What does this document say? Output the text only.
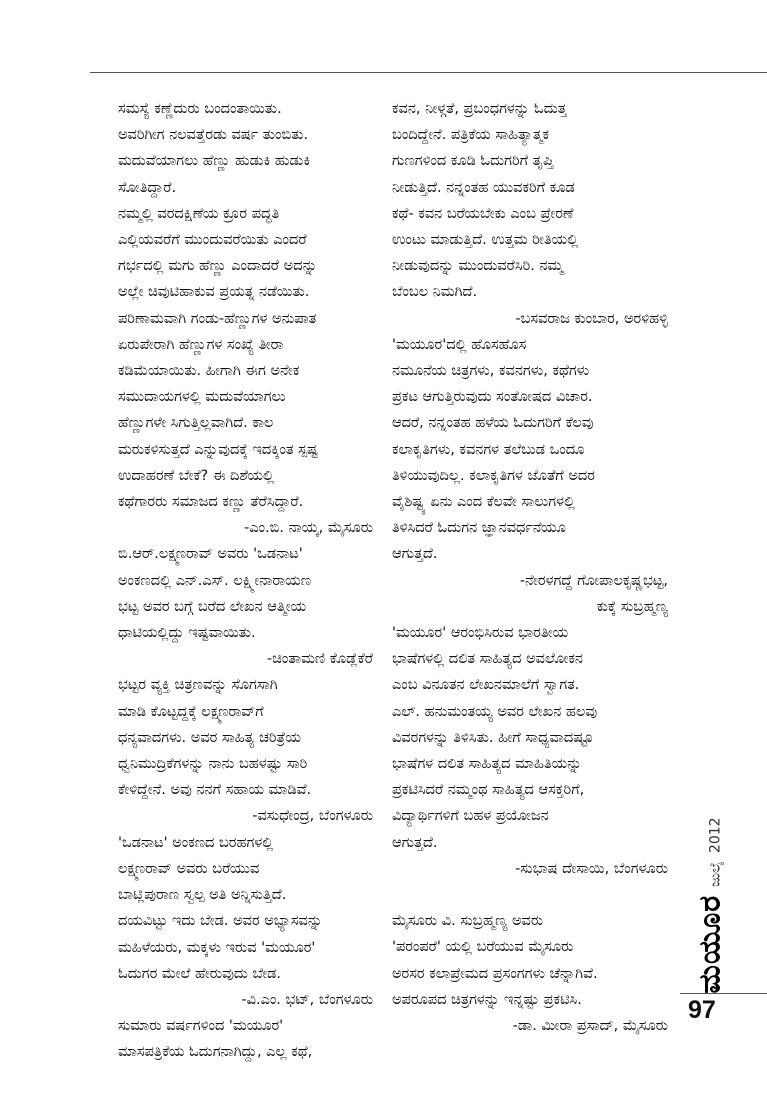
ಸಮಸ್ಯೆ ಕಣ್ಣೆದುರು ಬಂದಂತಾಯಿತು.

ಅವರಿಗೀಗ ನಲವತ್ತೆರಡು ವರ್ಷ ತುಂಬಿತು.

ಮದುವೆಯಾಗಲು ಹೆಣ್ಣು ಹುಡುಕಿ ಹುಡುಕಿ

ಸೋತಿದ್ದಾರೆ.

ನಮ್ಮಲ್ಲಿ ವರದಕ್ಷಿಣೆಯ ಕ್ರೂರ ಪದ್ಧತಿ

ಎಲ್ಲಿಯವರೆಗೆ ಮುಂದುವರೆಯಿತು ಎಂದರೆ

ಗರ್ಭದಲ್ಲಿ ಮಗು ಹೆಣ್ಣು ಎಂದಾದರೆ ಅದನ್ನು

ಅಲ್ಲೇ ಚಿವುಟಿಹಾಕುವ ಪ್ರಯತ್ನ ನಡೆಯಿತು.

ಪರಿಣಾಮವಾಗಿ ಗಂಡು-ಹೆಣ್ಣುಗಳ ಅನುಪಾತ

ಏರುಪೇರಾಗಿ ಹೆಣ್ಣುಗಳ ಸಂಖ್ಯೆ ತೀರಾ

ಕಡಿಮೆಯಾಯಿತು. ಹೀಗಾಗಿ ಈಗ ಅನೇಕ

ಸಮುದಾಯಗಳಲ್ಲಿ ಮದುವೆಯಾಗಲು

ಹೆಣ್ಣುಗಳೇ ಸಿಗುತ್ತಿಲ್ಲವಾಗಿದೆ. ಕಾಲ

ಮರುಕಳಿಸುತ್ತದೆ ಎನ್ನುವುದಕ್ಕೆ ಇದಕ್ಕಿಂತ ಸ್ಪಷ್ಟ

ಉದಾಹರಣೆ ಬೇಕೆ? ಈ ದಿಶೆಯಲ್ಲಿ

ಕಥೆಗಾರರು ಸಮಾಜದ ಕಣ್ಣು ತೆರೆಸಿದ್ದಾರೆ.

-ಎಂ.ಬಿ. ನಾಯ್ಕ, ಮೈಸೂರು

ಬಿ.ಆರ್.ಲಕ್ಷ್ಮಣರಾವ್ ಅವರು 'ಒಡನಾಟ'

ಅಂಕಣದಲ್ಲಿ ಎನ್.ಎಸ್. ಲಕ್ಷ್ಮೀನಾರಾಯಣ

ಭಟ್ಟ ಅವರ ಬಗ್ಗೆ ಬರೆದ ಲೇಖನ ಆತ್ಮೀಯ

ಧಾಟಿಯಲ್ಲಿದ್ದು ಇಷ್ಟವಾಯಿತು.

-ಚಿಂತಾಮಣಿ ಕೊಡ್ಲೆಕೆರೆ

ಭಟ್ಟರ ವ್ಯಕ್ತಿ ಚಿತ್ರಣವನ್ನು ಸೊಗಸಾಗಿ

ಮಾಡಿ ಕೊಟ್ಟದ್ದಕ್ಕೆ ಲಕ್ಷ್ಮಣರಾವ್‌ಗೆ

ಧನ್ಯವಾದಗಳು. ಅವರ ಸಾಹಿತ್ಯ ಚರಿತ್ರೆಯ

ಧ್ವನಿಮುದ್ರಿಕೆಗಳನ್ನು ನಾನು ಬಹಳಷ್ಟು ಸಾರಿ

ಕೇಳಿದ್ದೇನೆ. ಅವು ನನಗೆ ಸಹಾಯ ಮಾಡಿವೆ.

-ವಸುಧೇಂದ್ರ, ಬೆಂಗಳೂರು

'ಒಡನಾಟ' ಅಂಕಣದ ಬರಹಗಳಲ್ಲಿ

ಲಕ್ಷ್ಮಣರಾವ್ ಅವರು ಬರೆಯುವ

ಬಾಟ್ಲಿಪುರಾಣ ಸ್ವಲ್ಪ ಅತಿ ಅನ್ನಿಸುತ್ತಿದೆ.

ದಯವಿಟ್ಟು ಇದು ಬೇಡ. ಅವರ ಅಭ್ಯಾಸವನ್ನು

ಮಹಿಳೆಯರು, ಮಕ್ಕಳು ಇರುವ 'ಮಯೂರ'

ಓದುಗರ ಮೇಲೆ ಹೇರುವುದು ಬೇಡ.

-ವಿ.ಎಂ. ಭಟ್, ಬೆಂಗಳೂರು

ಸುಮಾರು ವರ್ಷಗಳಿಂದ 'ಮಯೂರ'

ಮಾಸಪತ್ರಿಕೆಯ ಓದುಗನಾಗಿದ್ದು, ಎಲ್ಲ ಕಥೆ,

ಕವನ, ನೀಳ್ಗತೆ, ಪ್ರಬಂಧಗಳನ್ನು ಓದುತ್ತ

ಬಂದಿದ್ದೇನೆ. ಪತ್ರಿಕೆಯ ಸಾಹಿತ್ಯಾತ್ಮಕ

ಗುಣಗಳಿಂದ ಕೂಡಿ ಓದುಗರಿಗೆ ತೃಪ್ತಿ

ನೀಡುತ್ತಿದೆ. ನನ್ನಂತಹ ಯುವಕರಿಗೆ ಕೂಡ

ಕಥೆ- ಕವನ ಬರೆಯಬೇಕು ಎಂಬ ಪ್ರೇರಣೆ

ಉಂಟು ಮಾಡುತ್ತಿದೆ. ಉತ್ತಮ ರೀತಿಯಲ್ಲಿ

ನೀಡುವುದನ್ನು ಮುಂದುವರೆಸಿರಿ. ನಮ್ಮ

ಬೆಂಬಲ ನಿಮಗಿದೆ.

-ಬಸವರಾಜ ಕುಂಬಾರ, ಅರಳಿಹಳ್ಳಿ

'ಮಯೂರ'ದಲ್ಲಿ ಹೊಸಹೊಸ

ನಮೂನೆಯ ಚಿತ್ರಗಳು, ಕವನಗಳು, ಕಥೆಗಳು

ಪ್ರಕಟ ಆಗುತ್ತಿರುವುದು ಸಂತೋಷದ ವಿಚಾರ.

ಆದರೆ, ನನ್ನಂತಹ ಹಳೆಯ ಓದುಗರಿಗೆ ಕೆಲವು

ಕಲಾಕೃತಿಗಳು, ಕವನಗಳ ತಲೆಬುಡ ಒಂದೂ

ತಿಳಿಯುವುದಿಲ್ಲ. ಕಲಾಕೃತಿಗಳ ಜೊತೆಗೆ ಅದರ

ವೈಶಿಷ್ಟ್ಯ ಏನು ಎಂದ ಕೆಲವೇ ಸಾಲುಗಳಲ್ಲಿ

ತಿಳಿಸಿದರೆ ಓದುಗನ ಜ್ಞಾನವರ್ಧನೆಯೂ

ಆಗುತ್ತದೆ.

-ನೇರಳಗದ್ದೆ ಗೋಪಾಲಕೃಷ್ಣಭಟ್ಟ,

ಕುಕ್ಕೆ ಸುಬ್ರಹ್ಮಣ್ಯ

'ಮಯೂರ' ಆರಂಭಿಸಿರುವ ಭಾರತೀಯ

ಭಾಷೆಗಳಲ್ಲಿ ದಲಿತ ಸಾಹಿತ್ಯದ ಅವಲೋಕನ

ಎಂಬ ವಿನೂತನ ಲೇಖನಮಾಲೆಗೆ ಸ್ವಾಗತ.

ಎಲ್. ಹನುಮಂತಯ್ಯ ಅವರ ಲೇಖನ ಹಲವು

ವಿವರಗಳನ್ನು ತಿಳಿಸಿತು. ಹೀಗೆ ಸಾಧ್ಯವಾದಷ್ಟೂ

ಭಾಷೆಗಳ ದಲಿತ ಸಾಹಿತ್ಯದ ಮಾಹಿತಿಯನ್ನು

ಪ್ರಕಟಿಸಿದರೆ ನಮ್ಮಂಥ ಸಾಹಿತ್ಯದ ಆಸಕ್ತರಿಗೆ,

ವಿದ್ಯಾರ್ಥಿಗಳಿಗೆ ಬಹಳ ಪ್ರಯೋಜನ

ಆಗುತ್ತದೆ.

-ಸುಭಾಷ ದೇಸಾಯಿ, ಬೆಂಗಳೂರು

ಮೈಸೂರು ವಿ. ಸುಬ್ರಹ್ಮಣ್ಯ ಅವರು

'ಪರಂಪರೆ' ಯಲ್ಲಿ ಬರೆಯುವ ಮೈಸೂರು

ಅರಸರ ಕಲಾಪ್ರೇಮದ ಪ್ರಸಂಗಗಳು ಚೆನ್ನಾಗಿವೆ.

ಅಪರೂಪದ ಚಿತ್ರಗಳನ್ನು ಇನ್ನಷ್ಟು ಪ್ರಕಟಿಸಿ.

-ಡಾ. ಮೀರಾ ಪ್ರಸಾದ್, ಮೈಸೂರು

ಮಯೂರ
ಜುಲೈ
2012
97
